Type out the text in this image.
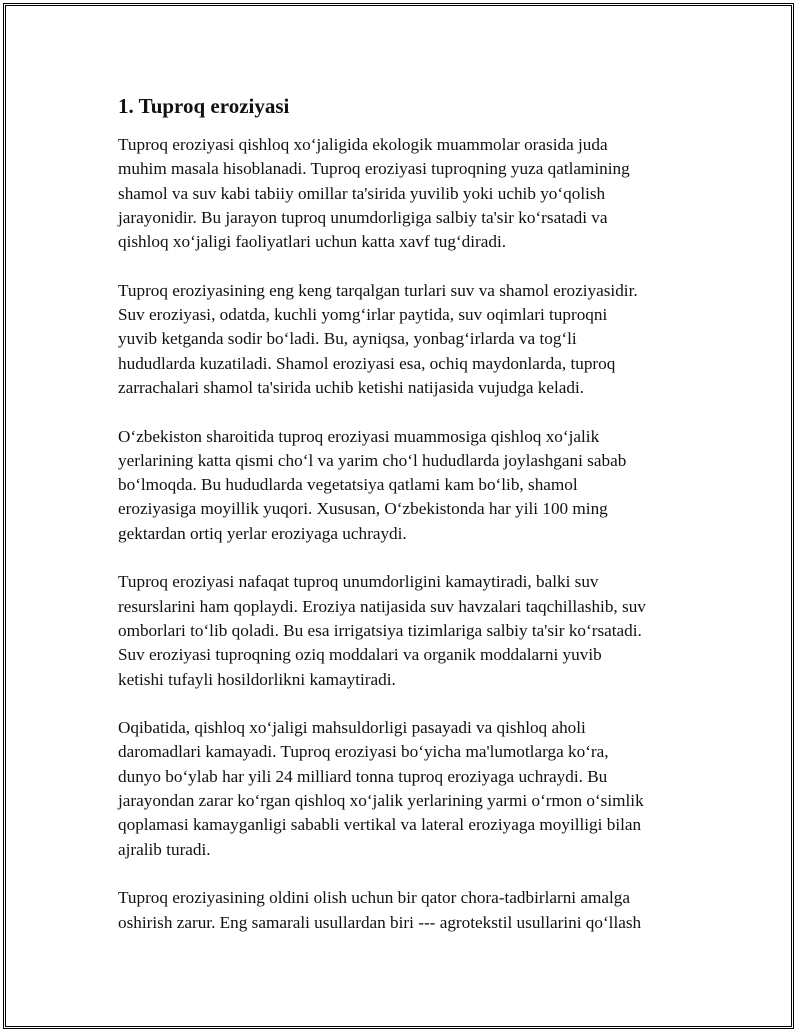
1. Tuproq eroziyasi
Tuproq eroziyasi qishloq xoʻjaligida ekologik muammolar orasida juda
muhim masala hisoblanadi. Tuproq eroziyasi tuproqning yuza qatlamining
shamol va suv kabi tabiiy omillar ta'sirida yuvilib yoki uchib yoʻqolish
jarayonidir. Bu jarayon tuproq unumdorligiga salbiy ta'sir koʻrsatadi va
qishloq xoʻjaligi faoliyatlari uchun katta xavf tugʻdiradi.
Tuproq eroziyasining eng keng tarqalgan turlari suv va shamol eroziyasidir.
Suv eroziyasi, odatda, kuchli yomgʻirlar paytida, suv oqimlari tuproqni
yuvib ketganda sodir boʻladi. Bu, ayniqsa, yonbagʻirlarda va togʻli
hududlarda kuzatiladi. Shamol eroziyasi esa, ochiq maydonlarda, tuproq
zarrachalari shamol ta'sirida uchib ketishi natijasida vujudga keladi.
Oʻzbekiston sharoitida tuproq eroziyasi muammosiga qishloq xoʻjalik
yerlarining katta qismi choʻl va yarim choʻl hududlarda joylashgani sabab
boʻlmoqda. Bu hududlarda vegetatsiya qatlami kam boʻlib, shamol
eroziyasiga moyillik yuqori. Xususan, Oʻzbekistonda har yili 100 ming
gektardan ortiq yerlar eroziyaga uchraydi.
Tuproq eroziyasi nafaqat tuproq unumdorligini kamaytiradi, balki suv
resurslarini ham qoplaydi. Eroziya natijasida suv havzalari taqchillashib, suv
omborlari toʻlib qoladi. Bu esa irrigatsiya tizimlariga salbiy ta'sir koʻrsatadi.
Suv eroziyasi tuproqning oziq moddalari va organik moddalarni yuvib
ketishi tufayli hosildorlikni kamaytiradi.
Oqibatida, qishloq xoʻjaligi mahsuldorligi pasayadi va qishloq aholi
daromadlari kamayadi. Tuproq eroziyasi boʻyicha ma'lumotlarga koʻra,
dunyo boʻylab har yili 24 milliard tonna tuproq eroziyaga uchraydi. Bu
jarayondan zarar koʻrgan qishloq xoʻjalik yerlarining yarmi oʻrmon oʻsimlik
qoplamasi kamayganligi sababli vertikal va lateral eroziyaga moyilligi bilan
ajralib turadi.
Tuproq eroziyasining oldini olish uchun bir qator chora-tadbirlarni amalga
oshirish zarur. Eng samarali usullardan biri --- agrotekstil usullarini qoʻllash
